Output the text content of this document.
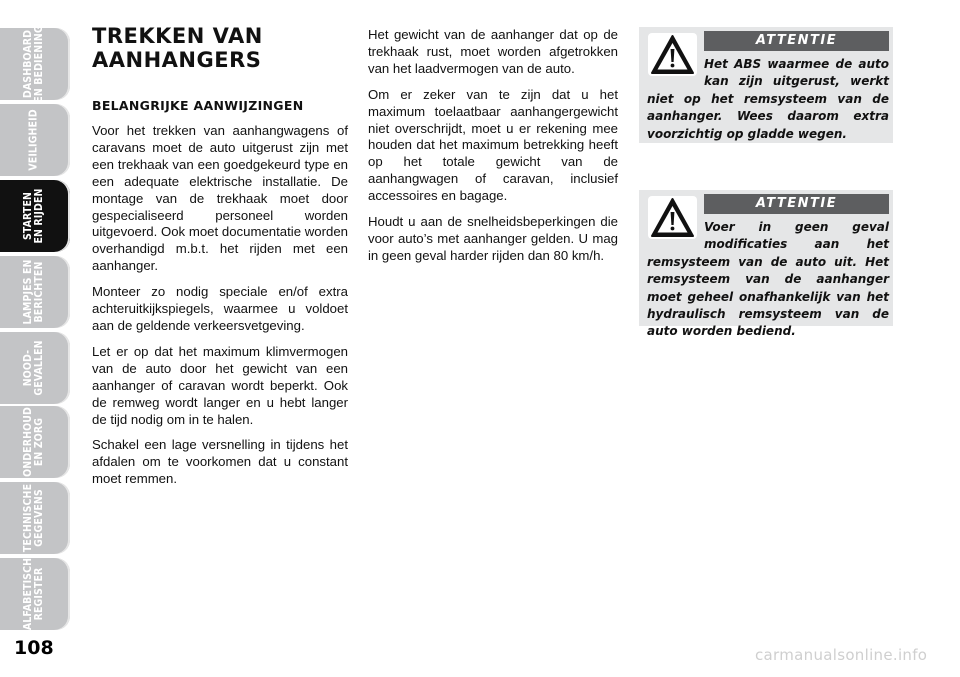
DASHBOARD
EN BEDIENING
VEILIGHEID
STARTEN
EN RIJDEN
LAMPJES EN
BERICHTEN
NOOD-
GEVALLEN
ONDERHOUD
EN ZORG
TECHNISCHE
GEGEVENS
ALFABETISCH
REGISTER
108
TREKKEN VAN
AANHANGERS
BELANGRIJKE AANWIJZINGEN

Voor het trekken van aanhangwagens of caravans moet de auto uitgerust zijn met een trekhaak van een goedgekeurd type en een adequate elektrische installatie. De montage van de trekhaak moet door gespecialiseerd personeel worden uitgevoerd. Ook moet documentatie worden overhandigd m.b.t. het rijden met een aanhanger.

Monteer zo nodig speciale en/of extra achteruitkijkspiegels, waarmee u voldoet aan de geldende verkeersvetgeving.

Let er op dat het maximum klimvermogen van de auto door het gewicht van een aanhanger of caravan wordt beperkt. Ook de remweg wordt langer en u hebt langer de tijd nodig om in te halen.

Schakel een lage versnelling in tijdens het afdalen om te voorkomen dat u constant moet remmen.

Het gewicht van de aanhanger dat op de trekhaak rust, moet worden afgetrokken van het laadvermogen van de auto.

Om er zeker van te zijn dat u het maximum toelaatbaar aanhangergewicht niet overschrijdt, moet u er rekening mee houden dat het maximum betrekking heeft op het totale gewicht van de aanhangwagen of caravan, inclusief accessoires en bagage.

Houdt u aan de snelheidsbeperkingen die voor auto’s met aanhanger gelden. U mag in geen geval harder rijden dan 80 km/h.

ATTENTIE
Het ABS waarmee de auto kan zijn uitgerust, werkt niet op het remsysteem van de aanhanger. Wees daarom extra voorzichtig op gladde wegen.
ATTENTIE
Voer in geen geval modificaties aan het remsysteem van de auto uit. Het remsysteem van de aanhanger moet geheel onafhankelijk van het hydraulisch remsysteem van de auto worden bediend.
carmanualsonline.info
